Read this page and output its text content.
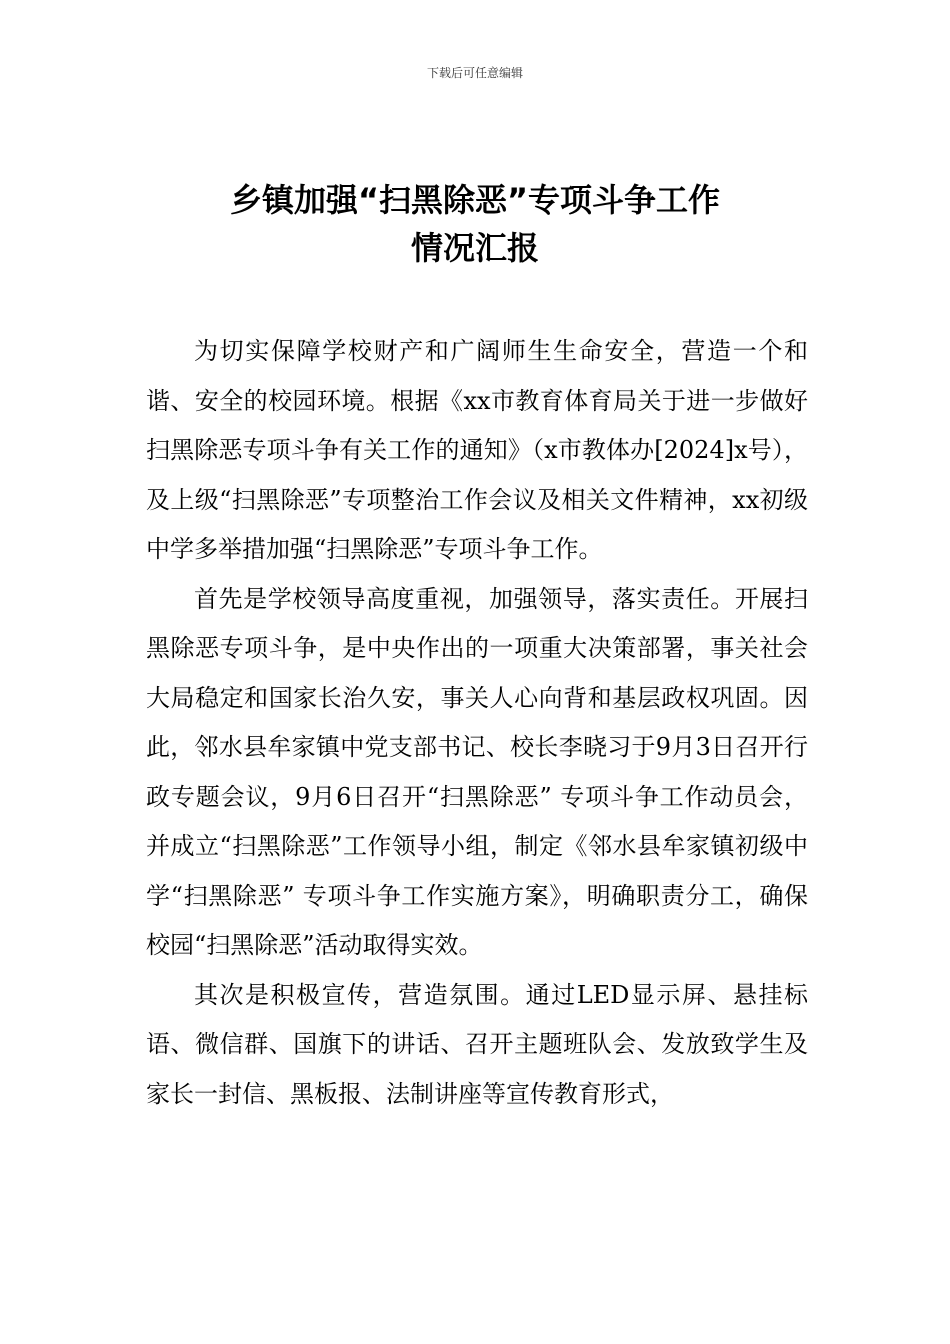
下载后可任意编辑
乡镇加强“扫黑除恶”专项斗争工作
情况汇报

为切实保障学校财产和广阔师生生命安全，营造一个和谐、安全的校园环境。根据《xx市教育体育局关于进一步做好扫黑除恶专项斗争有关工作的通知》（x市教体办[2024]x号），及上级“扫黑除恶”专项整治工作会议及相关文件精神，xx初级中学多举措加强“扫黑除恶”专项斗争工作。

首先是学校领导高度重视，加强领导，落实责任。开展扫黑除恶专项斗争，是中央作出的一项重大决策部署，事关社会大局稳定和国家长治久安，事关人心向背和基层政权巩固。因此，邻水县牟家镇中党支部书记、校长李晓习于9月3日召开行政专题会议，9月6日召开“扫黑除恶” 专项斗争工作动员会，并成立“扫黑除恶”工作领导小组，制定《邻水县牟家镇初级中学“扫黑除恶” 专项斗争工作实施方案》，明确职责分工，确保校园“扫黑除恶”活动取得实效。

其次是积极宣传，营造氛围。通过LED显示屏、悬挂标语、微信群、国旗下的讲话、召开主题班队会、发放致学生及家长一封信、黑板报、法制讲座等宣传教育形式，
